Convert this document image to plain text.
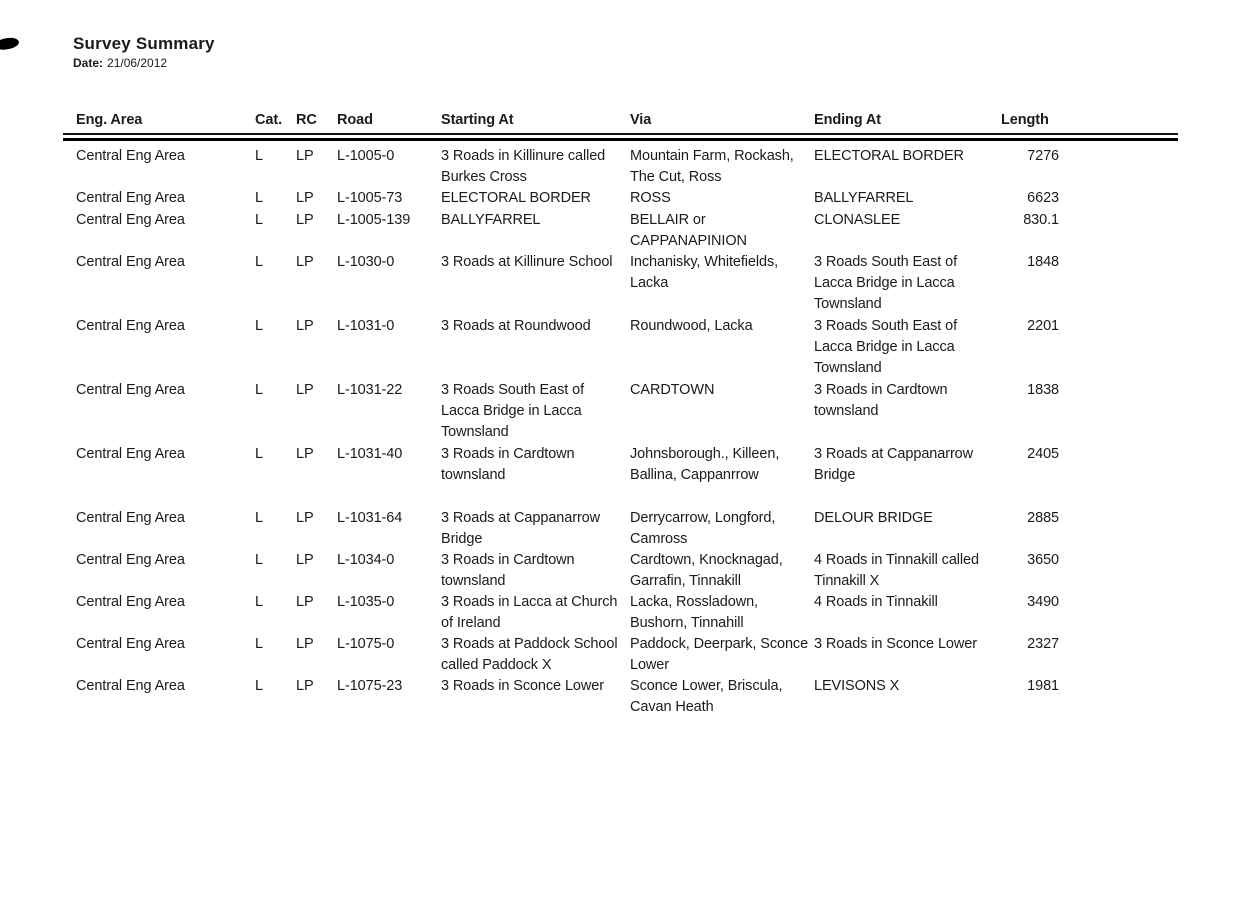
Survey Summary
Date: 21/06/2012
Eng. Area	Cat.	RC	Road	Starting At	Via	Ending At	Length	

Central Eng Area	L	LP	L-1005-0	3 Roads in Killinure called Burkes Cross	Mountain Farm, Rockash, The Cut, Ross	ELECTORAL BORDER	7276	
Central Eng Area	L	LP	L-1005-73	ELECTORAL BORDER	ROSS	BALLYFARREL	6623	
Central Eng Area	L	LP	L-1005-139	BALLYFARREL	BELLAIR or CAPPANAPINION	CLONASLEE	830.1	
Central Eng Area	L	LP	L-1030-0	3 Roads at Killinure School	Inchanisky, Whitefields, Lacka	3 Roads South East of Lacca Bridge in Lacca Townsland	1848	
Central Eng Area	L	LP	L-1031-0	3 Roads at Roundwood	Roundwood, Lacka	3 Roads South East of Lacca Bridge in Lacca Townsland	2201	
Central Eng Area	L	LP	L-1031-22	3 Roads South East of Lacca Bridge in Lacca Townsland	CARDTOWN	3 Roads in Cardtown townsland	1838	
Central Eng Area	L	LP	L-1031-40	3 Roads in Cardtown townsland	Johnsborough., Killeen, Ballina, Cappanrrow	3 Roads at Cappanarrow Bridge	2405	
Central Eng Area	L	LP	L-1031-64	3 Roads at Cappanarrow Bridge	Derrycarrow, Longford, Camross	DELOUR BRIDGE	2885	
Central Eng Area	L	LP	L-1034-0	3 Roads in Cardtown townsland	Cardtown, Knocknagad, Garrafin, Tinnakill	4 Roads in Tinnakill called Tinnakill X	3650	
Central Eng Area	L	LP	L-1035-0	3 Roads in Lacca at Church of Ireland	Lacka, Rossladown, Bushorn, Tinnahill	4 Roads in Tinnakill	3490	
Central Eng Area	L	LP	L-1075-0	3 Roads at Paddock School called Paddock X	Paddock, Deerpark, Sconce Lower	3 Roads in Sconce Lower	2327	
Central Eng Area	L	LP	L-1075-23	3 Roads in Sconce Lower	Sconce Lower, Briscula, Cavan Heath	LEVISONS X	1981	
